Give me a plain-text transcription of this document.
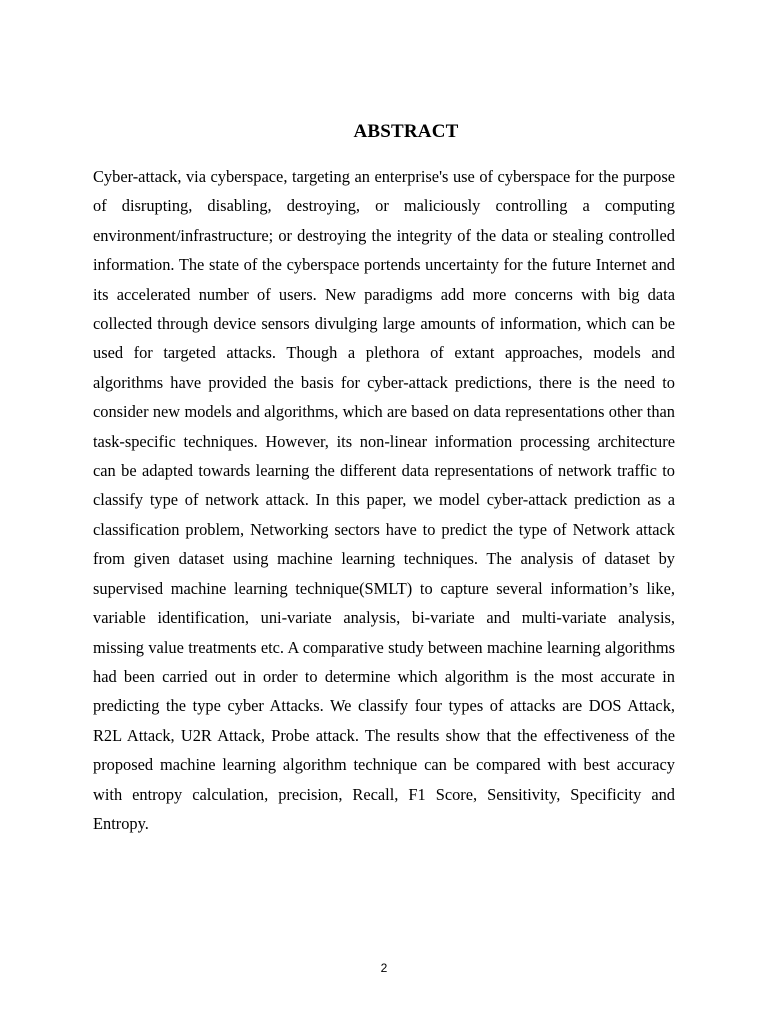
ABSTRACT

Cyber-attack, via cyberspace, targeting an enterprise's use of cyberspace for the purpose of disrupting, disabling, destroying, or maliciously controlling a computing environment/infrastructure; or destroying the integrity of the data or stealing controlled information. The state of the cyberspace portends uncertainty for the future Internet and its accelerated number of users. New paradigms add more concerns with big data collected through device sensors divulging large amounts of information, which can be used for targeted attacks. Though a plethora of extant approaches, models and algorithms have provided the basis for cyber-attack predictions, there is the need to consider new models and algorithms, which are based on data representations other than task-specific techniques. However, its non-linear information processing architecture can be adapted towards learning the different data representations of network traffic to classify type of network attack. In this paper, we model cyber-attack prediction as a classification problem, Networking sectors have to predict the type of Network attack from given dataset using machine learning techniques. The analysis of dataset by supervised machine learning technique(SMLT) to capture several information’s like, variable identification, uni-variate analysis, bi-variate and multi-variate analysis, missing value treatments etc. A comparative study between machine learning algorithms had been carried out in order to determine which algorithm is the most accurate in predicting the type cyber Attacks. We classify four types of attacks are DOS Attack, R2L Attack, U2R Attack, Probe attack. The results show that the effectiveness of the proposed machine learning algorithm technique can be compared with best accuracy with entropy calculation, precision, Recall, F1 Score, Sensitivity, Specificity and Entropy.

2
